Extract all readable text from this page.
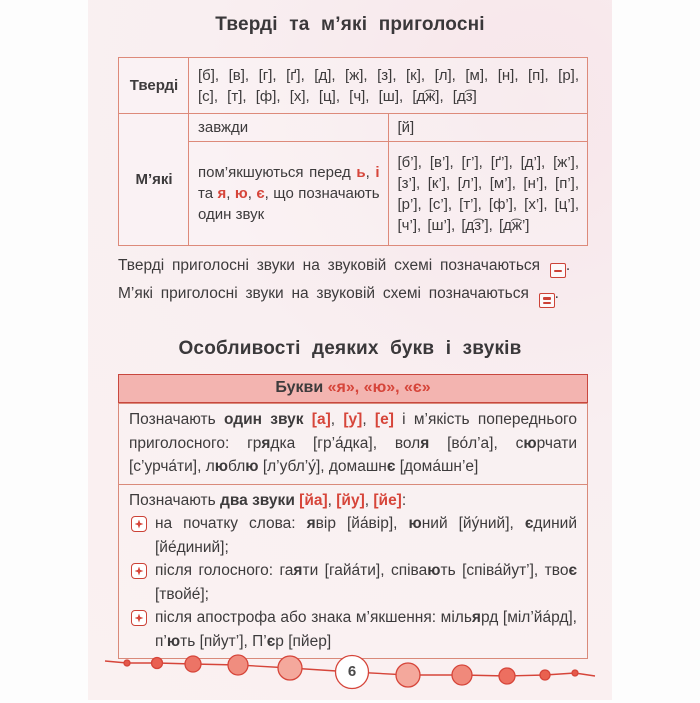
Тверді та м’які приголосні
Тверді	[б], [в], [г], [ґ], [д], [ж], [з], [к], [л], [м], [н], [п], [р], [с], [т], [ф], [х], [ц], [ч], [ш], [д͡ж], [д͡з]	
М’які	завжди	[й]
	пом’якшуються перед ь, і та я, ю, є, що позначають один звук	[б’], [в’], [г’], [ґ’], [д’], [ж’], [з’], [к’], [л’], [м’], [н’], [п’], [р’], [с’], [т’], [ф’], [х’], [ц’], [ч’], [ш’], [д͡з’], [д͡ж’]
Тверді приголосні звуки на звуковій схемі позначаються .
М’які приголосні звуки на звуковій схемі позначаються .
Особливості деяких букв і звуків
Букви «я», «ю», «є»
Позначають один звук [а], [у], [е] і м’якість попереднього приголосного: грядка [гр’а́дка], воля [во́л’а], сюрчати [с’урча́ти], люблю [л’убл’у́], домашнє [дома́шн’е]
Позначають два звуки [йа], [йу], [йе]:
на початку слова: явір [йа́вір], юний [йу́ний], єдиний [йе́диний];
після голосного: гаяти [гайа́ти], співають [співа́йут’], твоє [твойе́];
після апострофа або знака м’якшення: мільярд [міл’йа́рд], п’ють [пйут’], П’єр [пйер]
6
